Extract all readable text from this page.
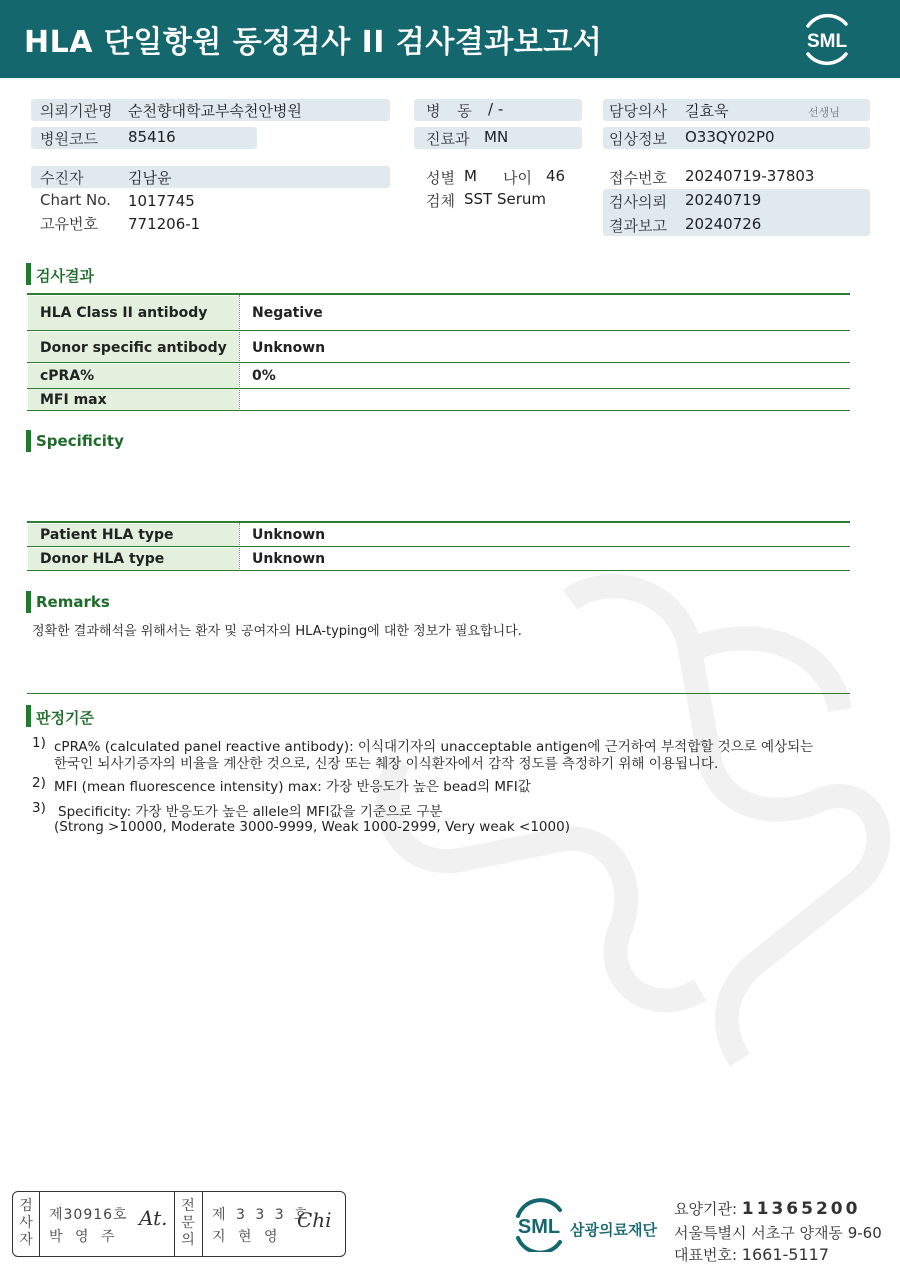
HLA 단일항원 동정검사 II 검사결과보고서	SML
의뢰기관명 순천향대학교부속천안병원
병원코드 85416
병 동 / -
진료과 MN
담당의사 길효욱	선생님
임상정보 O33QY02P0
수진자	김남윤
Chart No. 1017745
고유번호 771206-1
성별 M 나이 46
검체 SST Serum
접수번호 20240719-37803
검사의뢰 20240719
결과보고 20240726
검사결과
HLA Class II antibody	Negative
Donor specific antibody Unknown
cPRA%	0%
MFI max
Specificity
Patient HLA type	Unknown
Donor HLA type	Unknown
Remarks
정확한 결과해석을 위해서는 환자 및 공여자의 HLA-typing에 대한 정보가 필요합니다.
판정기준
1) cPRA% (calculated panel reactive antibody): 이식대기자의 unacceptable antigen에 근거하여 부적합할 것으로 예상되는
한국인 뇌사기증자의 비율을 계산한 것으로, 신장 또는 췌장 이식환자에서 감작 정도를 측정하기 위해 이용됩니다.
2) MFI (mean fluorescence intensity) max: 가장 반응도가 높은 bead의 MFI값
3) Specificity: 가장 반응도가 높은 allele의 MFI값을 기준으로 구분
(Strong >10000, Moderate 3000-9999, Weak 1000-2999, Very weak <1000)
검
사
자
제30916호
박 영 주
At. 전
문
의
제 3 3 3 호
지 현 영
Chi	SML 삼광의료재단
요양기관: 11365200
서울특별시 서초구 양재동 9-60
대표번호: 1661-5117
